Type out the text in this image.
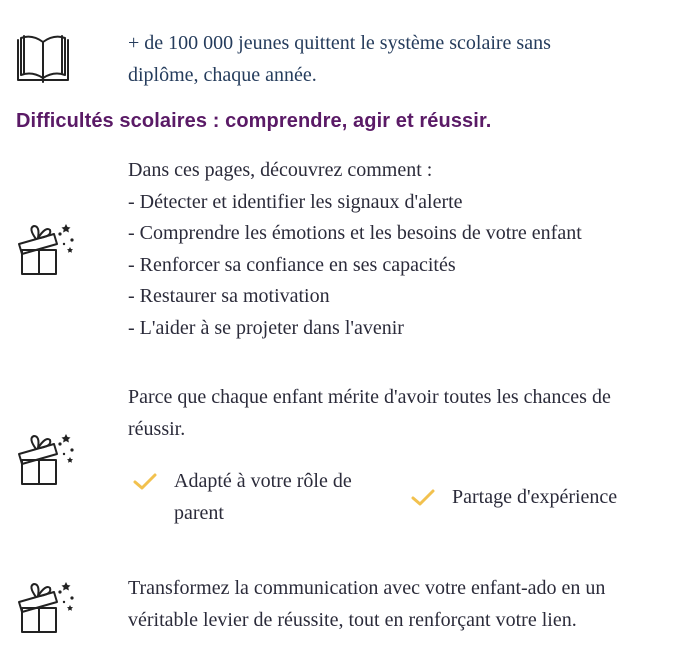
+ de 100 000 jeunes quittent le système scolaire sans
diplôme, chaque année.
Difficultés scolaires : comprendre, agir et réussir.
Dans ces pages, découvrez comment :
- Détecter et identifier les signaux d'alerte
- Comprendre les émotions et les besoins de votre enfant
- Renforcer sa confiance en ses capacités
- Restaurer sa motivation
- L'aider à se projeter dans l'avenir
Parce que chaque enfant mérite d'avoir toutes les chances de
réussir.
Adapté à votre rôle de
parent
Partage d'expérience
Transformez la communication avec votre enfant-ado en un
véritable levier de réussite, tout en renforçant votre lien.
